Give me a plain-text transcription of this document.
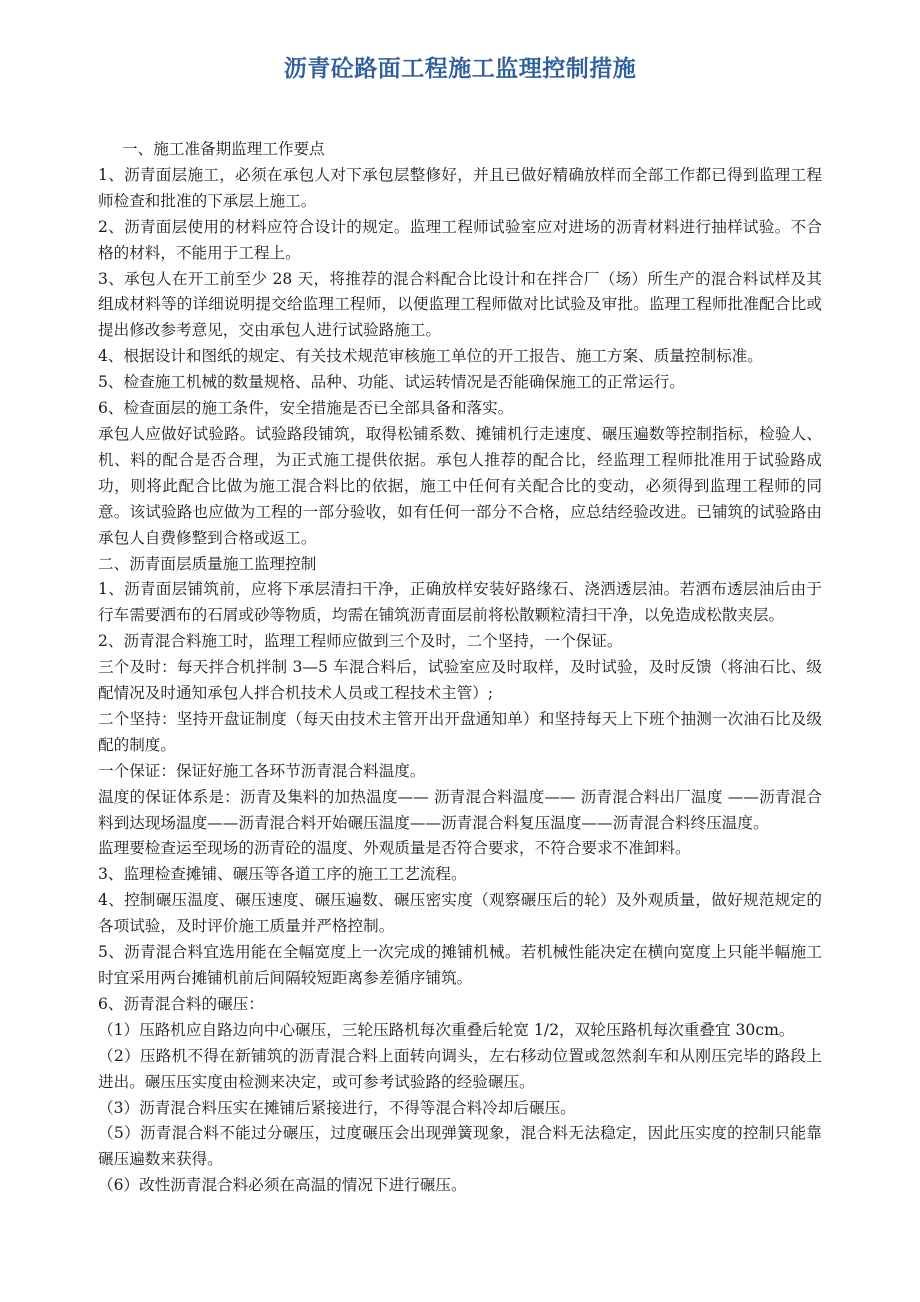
沥青砼路面工程施工监理控制措施

一、施工准备期监理工作要点

1、沥青面层施工，必须在承包人对下承包层整修好，并且已做好精确放样而全部工作都已得到监理工程师检查和批准的下承层上施工。

2、沥青面层使用的材料应符合设计的规定。监理工程师试验室应对进场的沥青材料进行抽样试验。不合格的材料，不能用于工程上。

3、承包人在开工前至少 28 天，将推荐的混合料配合比设计和在拌合厂（场）所生产的混合料试样及其组成材料等的详细说明提交给监理工程师，以便监理工程师做对比试验及审批。监理工程师批准配合比或提出修改参考意见，交由承包人进行试验路施工。

4、根据设计和图纸的规定、有关技术规范审核施工单位的开工报告、施工方案、质量控制标准。

5、检查施工机械的数量规格、品种、功能、试运转情况是否能确保施工的正常运行。

6、检查面层的施工条件，安全措施是否已全部具备和落实。

承包人应做好试验路。试验路段铺筑，取得松铺系数、摊铺机行走速度、碾压遍数等控制指标，检验人、机、料的配合是否合理，为正式施工提供依据。承包人推荐的配合比，经监理工程师批准用于试验路成功，则将此配合比做为施工混合料比的依据，施工中任何有关配合比的变动，必须得到监理工程师的同意。该试验路也应做为工程的一部分验收，如有任何一部分不合格，应总结经验改进。已铺筑的试验路由承包人自费修整到合格或返工。

二、沥青面层质量施工监理控制

1、沥青面层铺筑前，应将下承层清扫干净，正确放样安装好路缘石、浇洒透层油。若洒布透层油后由于行车需要洒布的石屑或砂等物质，均需在铺筑沥青面层前将松散颗粒清扫干净，以免造成松散夹层。

2、沥青混合料施工时，监理工程师应做到三个及时，二个坚持，一个保证。

三个及时：每天拌合机拌制 3—5 车混合料后，试验室应及时取样，及时试验，及时反馈（将油石比、级配情况及时通知承包人拌合机技术人员或工程技术主管）;

二个坚持：坚持开盘证制度（每天由技术主管开出开盘通知单）和坚持每天上下班个抽测一次油石比及级配的制度。

一个保证：保证好施工各环节沥青混合料温度。

温度的保证体系是：沥青及集料的加热温度—— 沥青混合料温度—— 沥青混合料出厂温度 ——沥青混合料到达现场温度——沥青混合料开始碾压温度——沥青混合料复压温度——沥青混合料终压温度。

监理要检查运至现场的沥青砼的温度、外观质量是否符合要求，不符合要求不准卸料。

3、监理检查摊铺、碾压等各道工序的施工工艺流程。

4、控制碾压温度、碾压速度、碾压遍数、碾压密实度（观察碾压后的轮）及外观质量，做好规范规定的各项试验，及时评价施工质量并严格控制。

5、沥青混合料宜选用能在全幅宽度上一次完成的摊铺机械。若机械性能决定在横向宽度上只能半幅施工时宜采用两台摊铺机前后间隔较短距离参差循序铺筑。

6、沥青混合料的碾压：

（1）压路机应自路边向中心碾压，三轮压路机每次重叠后轮宽 1/2，双轮压路机每次重叠宜 30cm。

（2）压路机不得在新铺筑的沥青混合料上面转向调头，左右移动位置或忽然刹车和从刚压完毕的路段上进出。碾压压实度由检测来决定，或可参考试验路的经验碾压。

（3）沥青混合料压实在摊铺后紧接进行，不得等混合料冷却后碾压。

（5）沥青混合料不能过分碾压，过度碾压会出现弹簧现象，混合料无法稳定，因此压实度的控制只能靠碾压遍数来获得。

（6）改性沥青混合料必须在高温的情况下进行碾压。
